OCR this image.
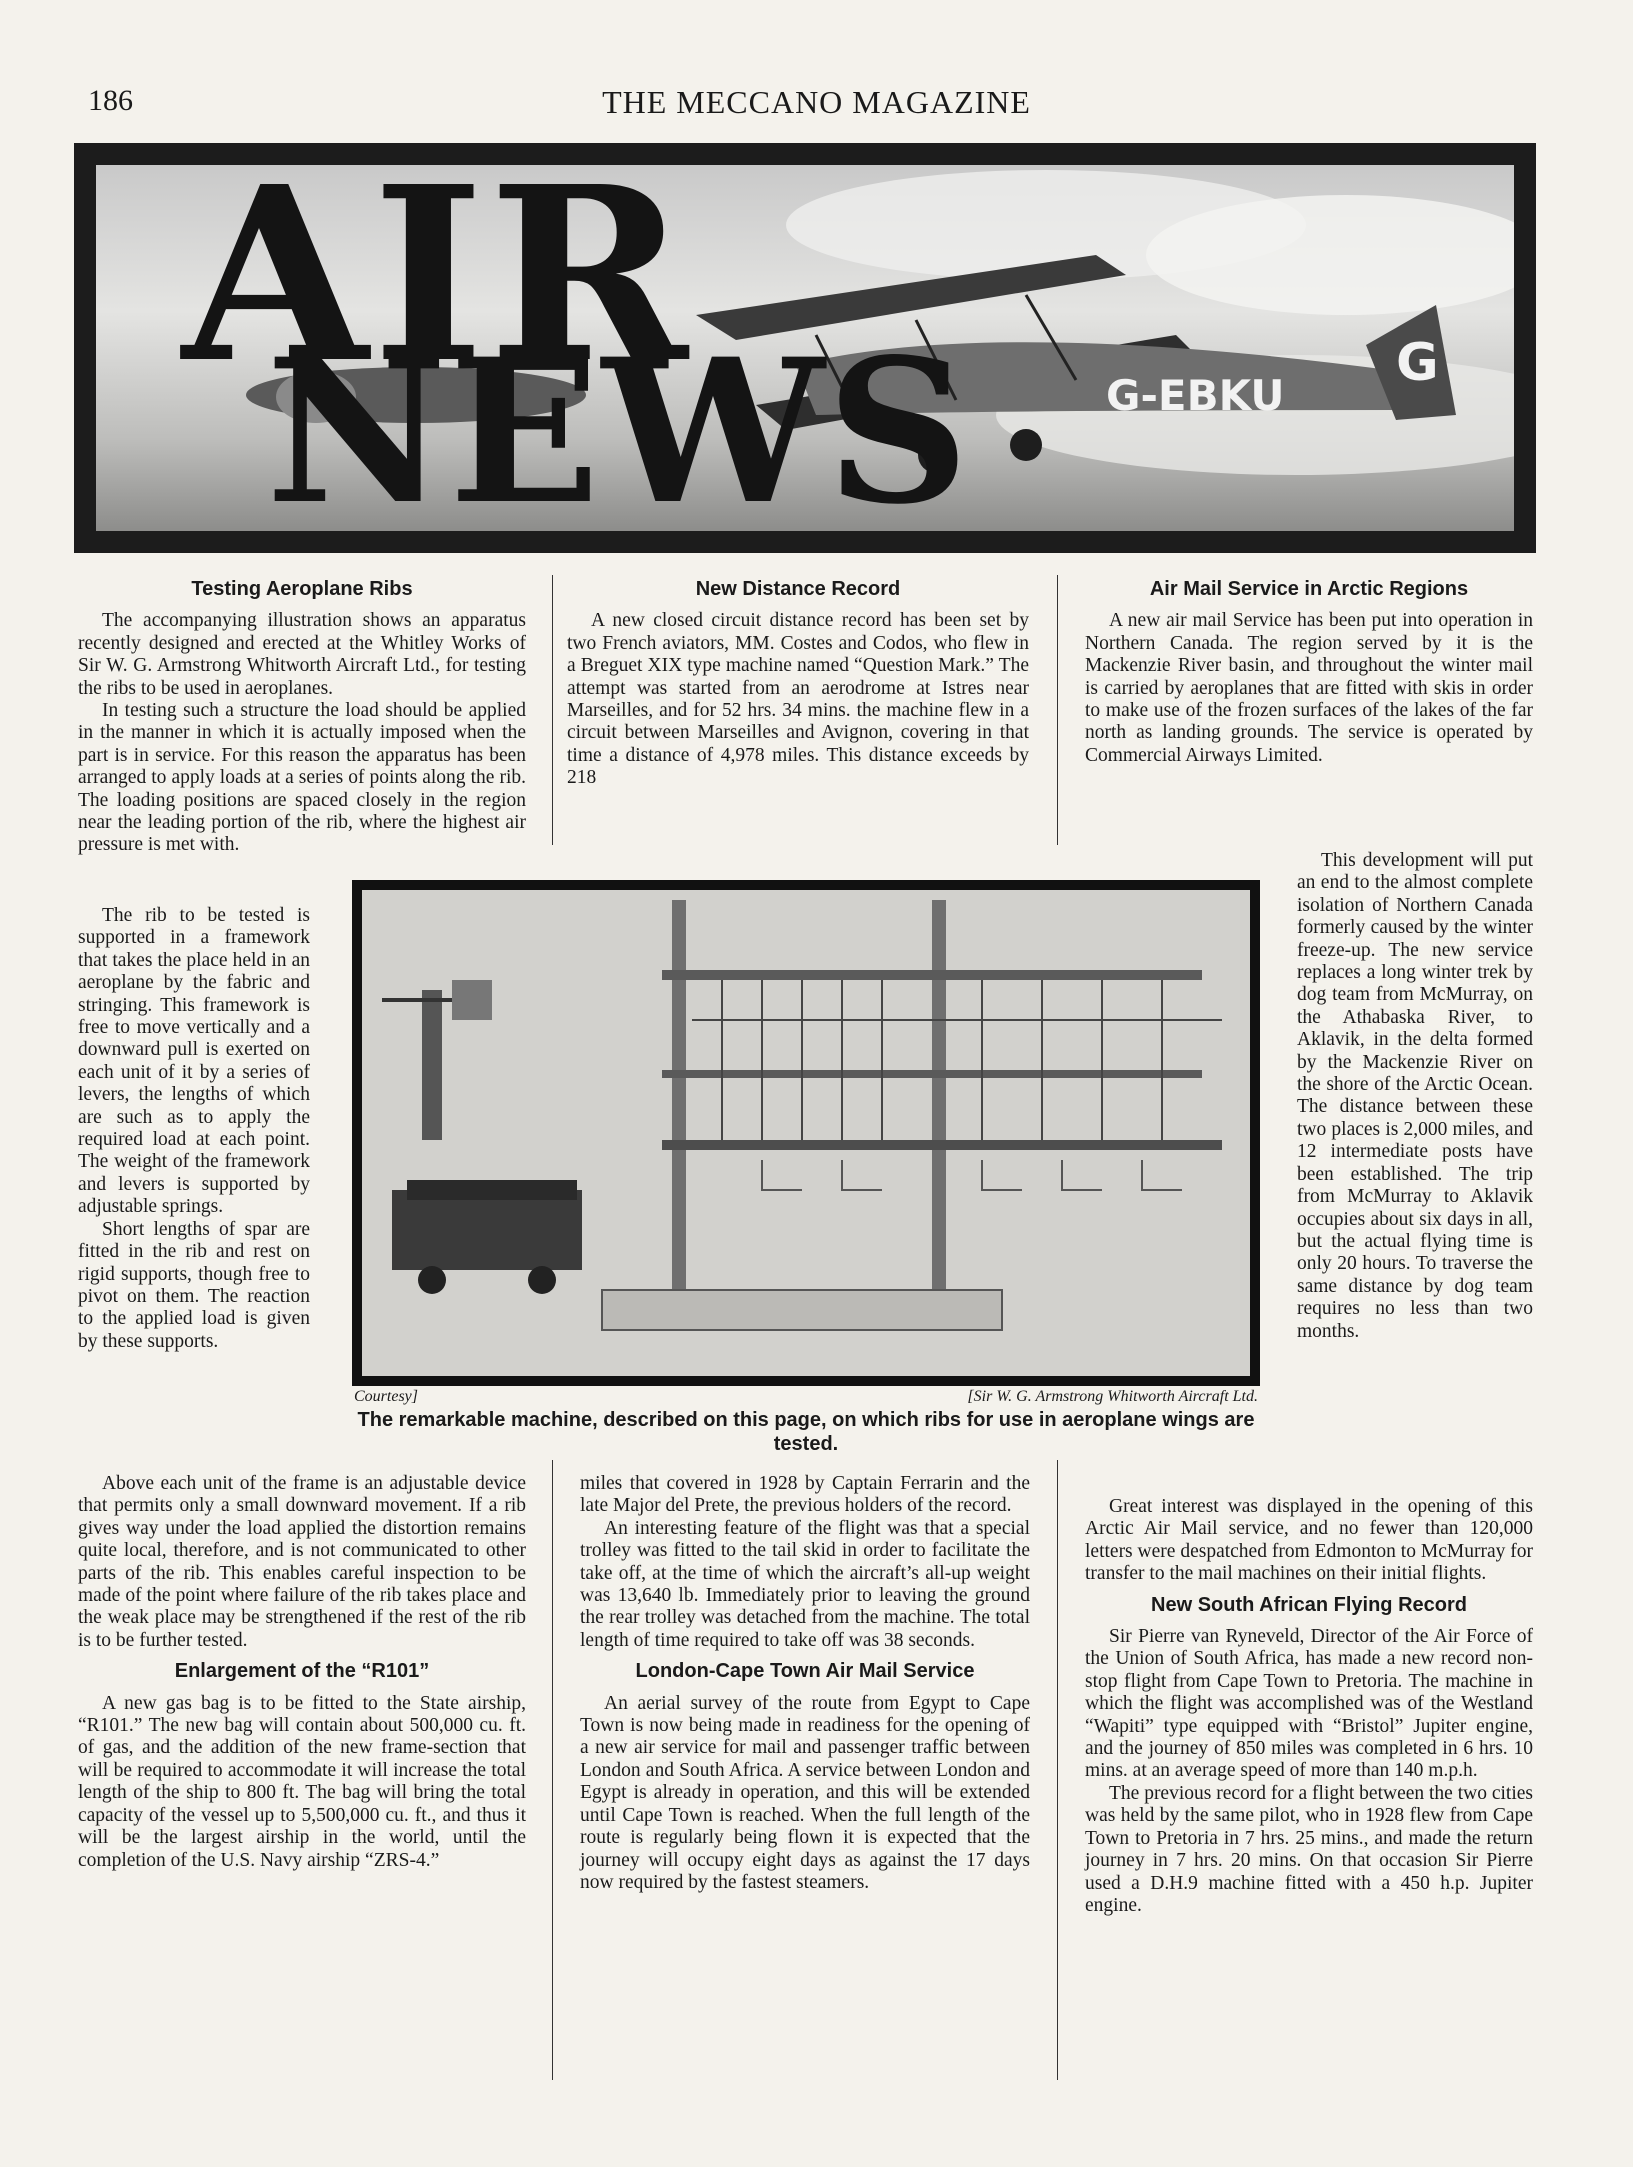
186	THE MECCANO MAGAZINE
G-EBKU
G
AIR
NEWS
Testing Aeroplane Ribs

The accompanying illustration shows an apparatus recently designed and erected at the Whitley Works of Sir W. G. Armstrong Whitworth Aircraft Ltd., for testing the ribs to be used in aeroplanes.

In testing such a structure the load should be applied in the manner in which it is actually imposed when the part is in service. For this reason the apparatus has been arranged to apply loads at a series of points along the rib. The loading positions are spaced closely in the region near the leading portion of the rib, where the highest air pressure is met with.

The rib to be tested is supported in a framework that takes the place held in an aeroplane by the fabric and stringing. This framework is free to move vertically and a downward pull is exerted on each unit of it by a series of levers, the lengths of which are such as to apply the required load at each point. The weight of the framework and levers is supported by adjustable springs.

Short lengths of spar are fitted in the rib and rest on rigid supports, though free to pivot on them. The reaction to the applied load is given by these supports.

Above each unit of the frame is an adjustable device that permits only a small downward movement. If a rib gives way under the load applied the distortion remains quite local, therefore, and is not communicated to other parts of the rib. This enables careful inspection to be made of the point where failure of the rib takes place and the weak place may be strengthened if the rest of the rib is to be further tested.

Enlargement of the “R101”

A new gas bag is to be fitted to the State airship, “R101.” The new bag will contain about 500,000 cu. ft. of gas, and the addition of the new frame-section that will be required to accommodate it will increase the total length of the ship to 800 ft. The bag will bring the total capacity of the vessel up to 5,500,000 cu. ft., and thus it will be the largest airship in the world, until the completion of the U.S. Navy airship “ZRS-4.”

New Distance Record

A new closed circuit distance record has been set by two French aviators, MM. Costes and Codos, who flew in a Breguet XIX type machine named “Question Mark.” The attempt was started from an aerodrome at Istres near Marseilles, and for 52 hrs. 34 mins. the machine flew in a circuit between Marseilles and Avignon, covering in that time a distance of 4,978 miles. This distance exceeds by 218

miles that covered in 1928 by Captain Ferrarin and the late Major del Prete, the previous holders of the record.

An interesting feature of the flight was that a special trolley was fitted to the tail skid in order to facilitate the take off, at the time of which the aircraft’s all-up weight was 13,640 lb. Immediately prior to leaving the ground the rear trolley was detached from the machine. The total length of time required to take off was 38 seconds.

London-Cape Town Air Mail Service

An aerial survey of the route from Egypt to Cape Town is now being made in readiness for the opening of a new air service for mail and passenger traffic between London and South Africa. A service between London and Egypt is already in operation, and this will be extended until Cape Town is reached. When the full length of the route is regularly being flown it is expected that the journey will occupy eight days as against the 17 days now required by the fastest steamers.

Air Mail Service in Arctic Regions

A new air mail Service has been put into operation in Northern Canada. The region served by it is the Mackenzie River basin, and throughout the winter mail is carried by aeroplanes that are fitted with skis in order to make use of the frozen surfaces of the lakes of the far north as landing grounds. The service is operated by Commercial Airways Limited.

This development will put an end to the almost complete isolation of Northern Canada formerly caused by the winter freeze-up. The new service replaces a long winter trek by dog team from McMurray, on the Athabaska River, to Aklavik, in the delta formed by the Mackenzie River on the shore of the Arctic Ocean. The distance between these two places is 2,000 miles, and 12 intermediate posts have been established. The trip from McMurray to Aklavik occupies about six days in all, but the actual flying time is only 20 hours. To traverse the same distance by dog team requires no less than two months.

Great interest was displayed in the opening of this Arctic Air Mail service, and no fewer than 120,000 letters were despatched from Edmonton to McMurray for transfer to the mail machines on their initial flights.

New South African Flying Record

Sir Pierre van Ryneveld, Director of the Air Force of the Union of South Africa, has made a new record non-stop flight from Cape Town to Pretoria. The machine in which the flight was accomplished was of the Westland “Wapiti” type equipped with “Bristol” Jupiter engine, and the journey of 850 miles was completed in 6 hrs. 10 mins. at an average speed of more than 140 m.p.h.

The previous record for a flight between the two cities was held by the same pilot, who in 1928 flew from Cape Town to Pretoria in 7 hrs. 25 mins., and made the return journey in 7 hrs. 20 mins. On that occasion Sir Pierre used a D.H.9 machine fitted with a 450 h.p. Jupiter engine.

Courtesy]	[Sir W. G. Armstrong Whitworth Aircraft Ltd.
The remarkable machine, described on this page, on which ribs for use in aeroplane wings are tested.
